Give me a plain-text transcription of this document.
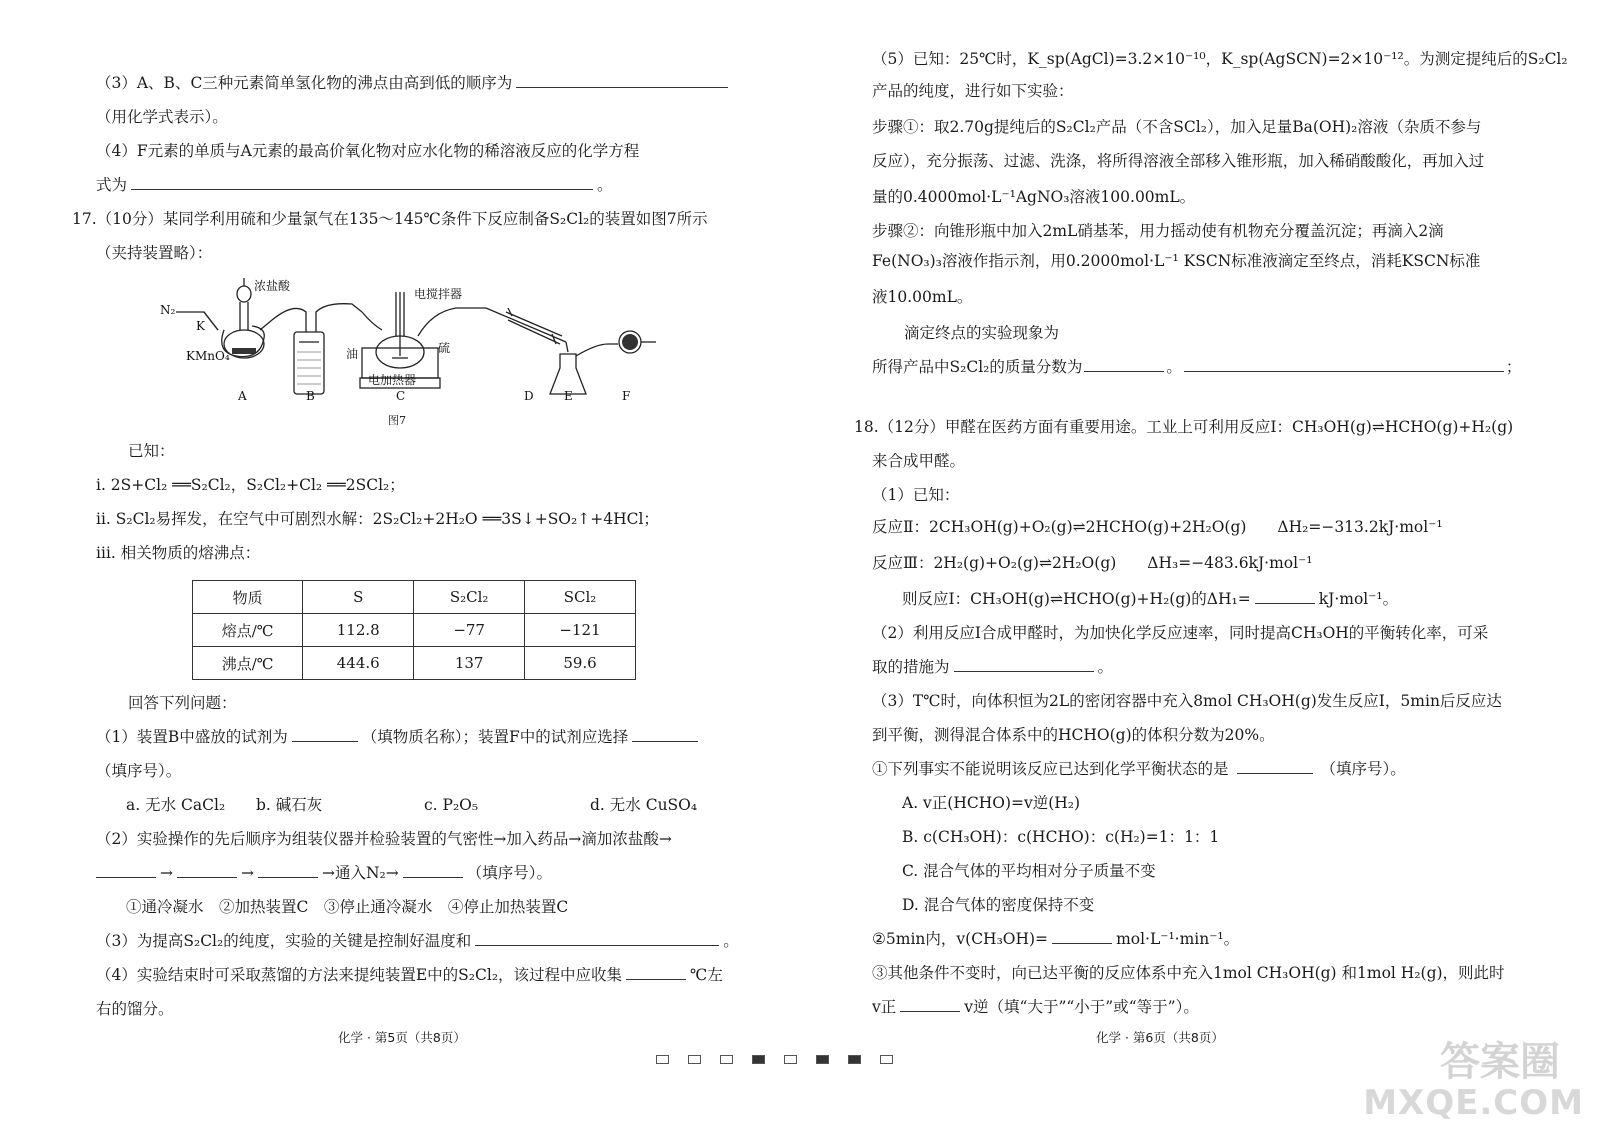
（3）A、B、C三种元素简单氢化物的沸点由高到低的顺序为
（用化学式表示）。
（4）F元素的单质与A元素的最高价氧化物对应水化物的稀溶液反应的化学方程
式为	。
17.（10分）某同学利用硫和少量氯气在135～145℃条件下反应制备S₂Cl₂的装置如图7所示
（夹持装置略）：
浓盐酸
电搅拌器
N₂
K
KMnO₄	油	硫
电加热器
A	B	C	D	E	F
图7
已知：
ⅰ. 2S+Cl₂ ══S₂Cl₂，S₂Cl₂+Cl₂ ══2SCl₂；
ⅱ. S₂Cl₂易挥发，在空气中可剧烈水解：2S₂Cl₂+2H₂O ══3S↓+SO₂↑+4HCl；
ⅲ. 相关物质的熔沸点：
物质	S	S₂Cl₂	SCl₂
熔点/℃	112.8	−77	−121
沸点/℃	444.6	137	59.6
回答下列问题：
（1）装置B中盛放的试剂为	（填物质名称）；装置F中的试剂应选择
（填序号）。
a. 无水 CaCl₂ b. 碱石灰	c. P₂O₅	d. 无水 CuSO₄
（2）实验操作的先后顺序为组装仪器并检验装置的气密性→加入药品→滴加浓盐酸→
→	→	→通入N₂→	（填序号）。
①通冷凝水　②加热装置C　③停止通冷凝水　④停止加热装置C
（3）为提高S₂Cl₂的纯度，实验的关键是控制好温度和	。
（4）实验结束时可采取蒸馏的方法来提纯装置E中的S₂Cl₂，该过程中应收集	℃左
右的馏分。
化学 · 第5页（共8页）
（5）已知：25℃时，K_sp(AgCl)=3.2×10⁻¹⁰，K_sp(AgSCN)=2×10⁻¹²。为测定提纯后的S₂Cl₂
产品的纯度，进行如下实验：
步骤①：取2.70g提纯后的S₂Cl₂产品（不含SCl₂），加入足量Ba(OH)₂溶液（杂质不参与
反应），充分振荡、过滤、洗涤，将所得溶液全部移入锥形瓶，加入稀硝酸酸化，再加入过
量的0.4000mol·L⁻¹AgNO₃溶液100.00mL。
步骤②：向锥形瓶中加入2mL硝基苯，用力摇动使有机物充分覆盖沉淀；再滴入2滴
Fe(NO₃)₃溶液作指示剂，用0.2000mol·L⁻¹ KSCN标准液滴定至终点，消耗KSCN标准
液10.00mL。
滴定终点的实验现象为
所得产品中S₂Cl₂的质量分数为	。	；
18.（12分）甲醛在医药方面有重要用途。工业上可利用反应Ⅰ：CH₃OH(g)⇌HCHO(g)+H₂(g)
来合成甲醛。
（1）已知：
反应Ⅱ：2CH₃OH(g)+O₂(g)⇌2HCHO(g)+2H₂O(g)　　ΔH₂=−313.2kJ·mol⁻¹
反应Ⅲ：2H₂(g)+O₂(g)⇌2H₂O(g)　　ΔH₃=−483.6kJ·mol⁻¹
则反应Ⅰ：CH₃OH(g)⇌HCHO(g)+H₂(g)的ΔH₁=	kJ·mol⁻¹。
（2）利用反应Ⅰ合成甲醛时，为加快化学反应速率，同时提高CH₃OH的平衡转化率，可采
取的措施为	。
（3）T℃时，向体积恒为2L的密闭容器中充入8mol CH₃OH(g)发生反应Ⅰ，5min后反应达
到平衡，测得混合体系中的HCHO(g)的体积分数为20%。
①下列事实不能说明该反应已达到化学平衡状态的是	（填序号）。
A. v正(HCHO)=v逆(H₂)
B. c(CH₃OH)：c(HCHO)：c(H₂)=1：1：1
C. 混合气体的平均相对分子质量不变
D. 混合气体的密度保持不变
②5min内，v(CH₃OH)=	mol·L⁻¹·min⁻¹。
③其他条件不变时，向已达平衡的反应体系中充入1mol CH₃OH(g) 和1mol H₂(g)，则此时
v正	v逆（填“大于”“小于”或“等于”）。
化学 · 第6页（共8页）
答案圈
MXQE.COM
